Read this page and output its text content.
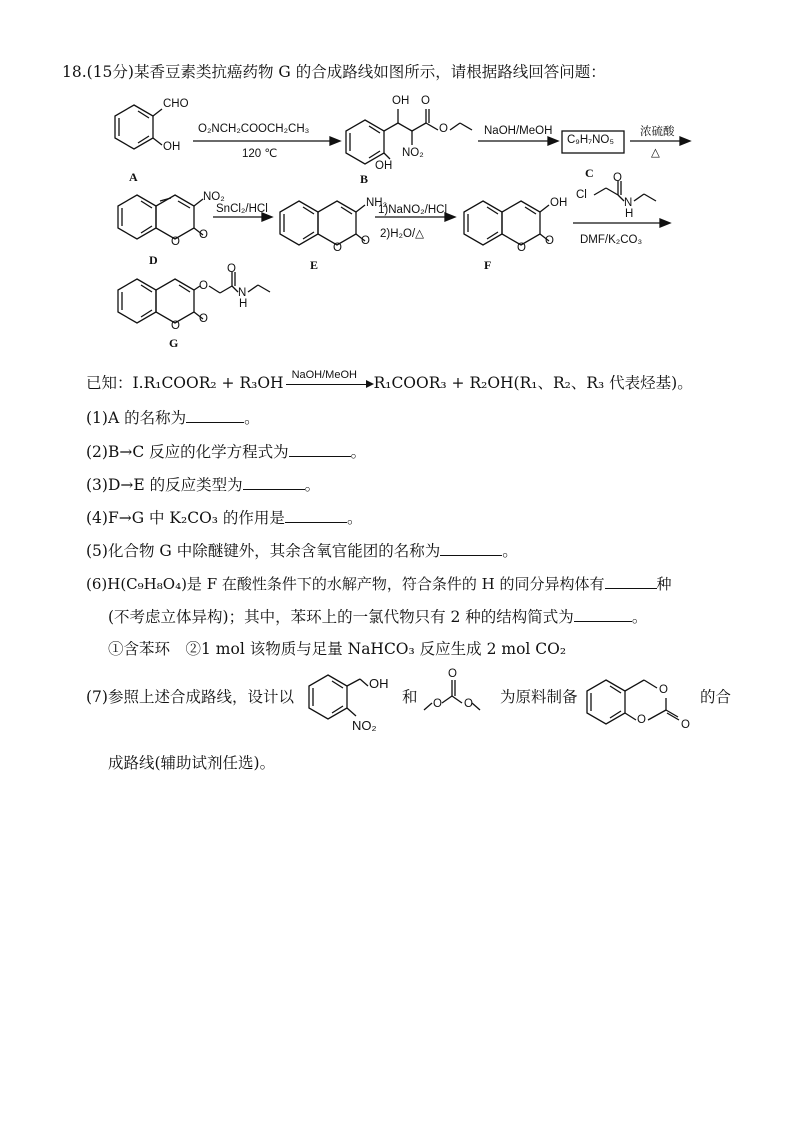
18.(15分)某香豆素类抗癌药物 G 的合成路线如图所示，请根据路线回答问题：
CHO
OH
O₂NCH₂COOCH₂CH₃
120 ℃
OH O
O
NO₂
OH
NaOH/MeOH
C₉H₇NO₅
浓硫酸
△
A	B	C
NO₂
O
O
SnCl₂/HCl	NH₂
O
O
1)NaNO₂/HCl
2)H₂O/△
OH
O
O
Cl
O
N
H
DMF/K₂CO₃
D	E	F
O
O
N
H
O
O
G
已知：Ⅰ.R₁COOR₂ + R₃OH NaOH/MeOH R₁COOR₃ + R₂OH(R₁、R₂、R₃ 代表烃基)。
(1)A 的名称为	。
(2)B→C 反应的化学方程式为	。
(3)D→E 的反应类型为	。
(4)F→G 中 K₂CO₃ 的作用是	。
(5)化合物 G 中除醚键外，其余含氧官能团的名称为	。
(6)H(C₉H₈O₄)是 F 在酸性条件下的水解产物，符合条件的 H 的同分异构体有	种
(不考虑立体异构)；其中，苯环上的一氯代物只有 2 种的结构简式为	。
①含苯环　②1 mol 该物质与足量 NaHCO₃ 反应生成 2 mol CO₂
(7)参照上述合成路线，设计以	和	为原料制备	的合
OH
NO₂
O
O
O
O
O	O
成路线(辅助试剂任选)。
